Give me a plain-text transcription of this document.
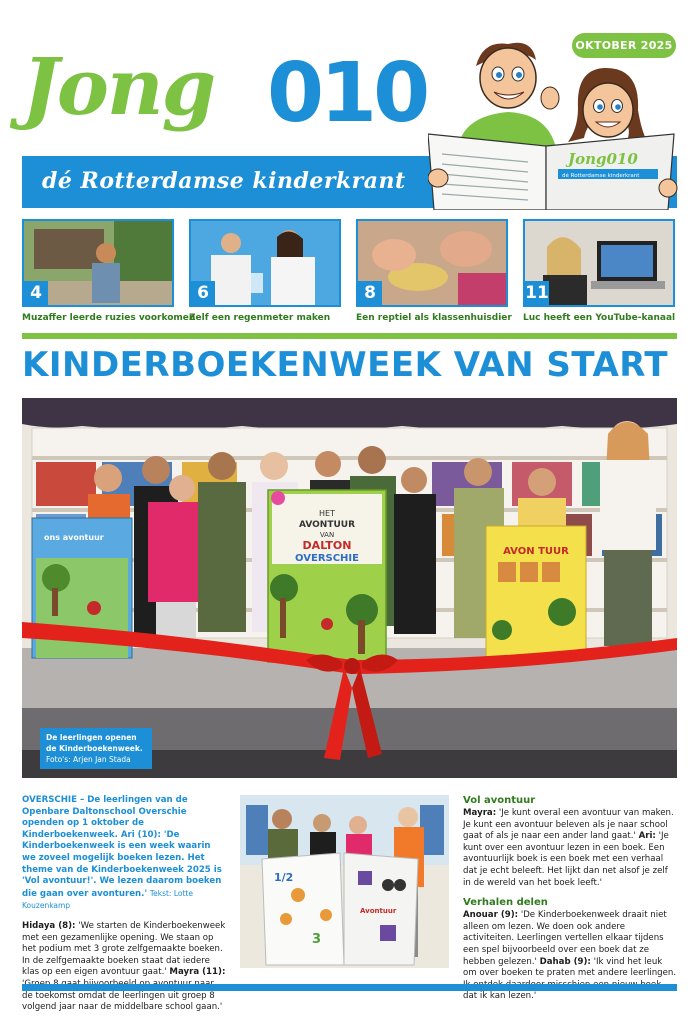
OKTOBER 2025
Jong 010
dé Rotterdamse kinderkrant
Jong010
dé Rotterdamse kinderkrant
4
Muzaffer leerde ruzies voorkomen
6
Zelf een regenmeter maken
8
Een reptiel als klassenhuisdier
11
Luc heeft een YouTube-kanaal
KINDERBOEKENWEEK VAN START
ons avontuur
HET
AVONTUUR
VAN
DALTON
OVERSCHIE
AVON TUUR
De leerlingen openen de Kinderboekenweek.
Foto's: Arjen Jan Stada

OVERSCHIE – De leerlingen van de Openbare Daltonschool Overschie openden op 1 oktober de Kinderboekenweek. Ari (10): 'De Kinderboekenweek is een week waarin we zoveel mogelijk boeken lezen. Het theme van de Kinderboekenweek 2025 is 'Vol avontuur!'. We lezen daarom boeken die gaan over avonturen.' Tekst: Lotte Kouzenkamp

Hidaya (8): 'We starten de Kinderboekenweek met een gezamenlijke opening. We staan op het podium met 3 grote zelfgemaakte boeken. In de zelfgemaakte boeken staat dat iedere klas op een eigen avontuur gaat.' Mayra (11): de toekomst omdat de leerlingen uit groep 8 volgend jaar naar de middelbare school gaan.'

1/2
3
Avontuur
Vol avontuur

Mayra: 'Je kunt overal een avontuur van maken. Je kunt een avontuur beleven als je naar school gaat of als je naar een ander land gaat.' Ari: 'Je kunt over een avontuur lezen in een boek. Een avontuurlijk boek is een boek met een verhaal dat je echt beleeft. Het lijkt dan net alsof je zelf in de wereld van het boek leeft.'

Verhalen delen

Anouar (9): 'De Kinderboekenweek draait niet alleen om lezen. We doen ook andere activiteiten. Leerlingen vertellen elkaar tijdens een spel bijvoorbeeld over een boek dat ze hebben gelezen.' Dahab (9): 'Ik vind het leuk om over boeken te praten met andere leerlingen. dat ik kan lezen.'
